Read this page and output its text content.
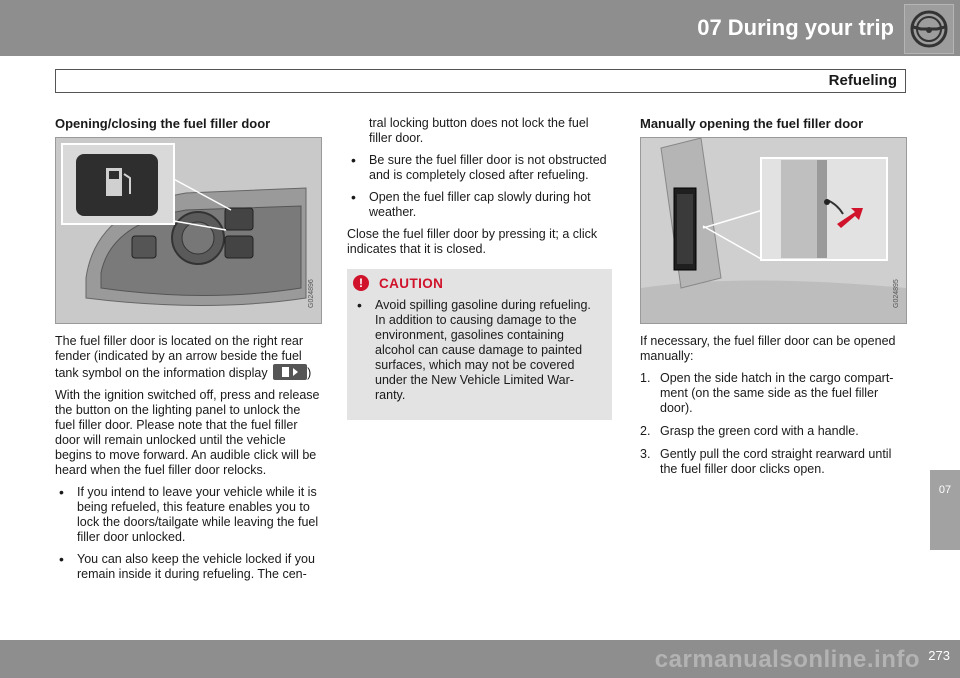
07 During your trip
Refueling
Opening/closing the fuel filler door
G024896

The fuel filler door is located on the right rear fender (indicated by an arrow beside the fuel tank symbol on the information display	)

With the ignition switched off, press and release the button on the lighting panel to unlock the fuel filler door. Please note that the fuel filler door will remain unlocked until the vehicle begins to move forward. An audible click will be heard when the fuel filler door relocks.

• If you intend to leave your vehicle while it is being refueled, this feature enables you to lock the doors/tailgate while leaving the fuel filler door unlocked.
• You can also keep the vehicle locked if you remain inside it during refueling. The cen-

tral locking button does not lock the fuel filler door.

• Be sure the fuel filler door is not obstructed and is completely closed after refueling.
• Open the fuel filler cap slowly during hot weather.

Close the fuel filler door by pressing it; a click indicates that it is closed.

!	CAUTION
• Avoid spilling gasoline during refueling. In addition to causing damage to the environment, gasolines containing alcohol can cause damage to painted surfaces, which may not be covered under the New Vehicle Limited War-ranty.
Manually opening the fuel filler door
G024895

If necessary, the fuel filler door can be opened manually:

1. Open the side hatch in the cargo compart-ment (on the same side as the fuel filler door).
2. Grasp the green cord with a handle.
3. Gently pull the cord straight rearward until the fuel filler door clicks open.
07
carmanualsonline.info 273
